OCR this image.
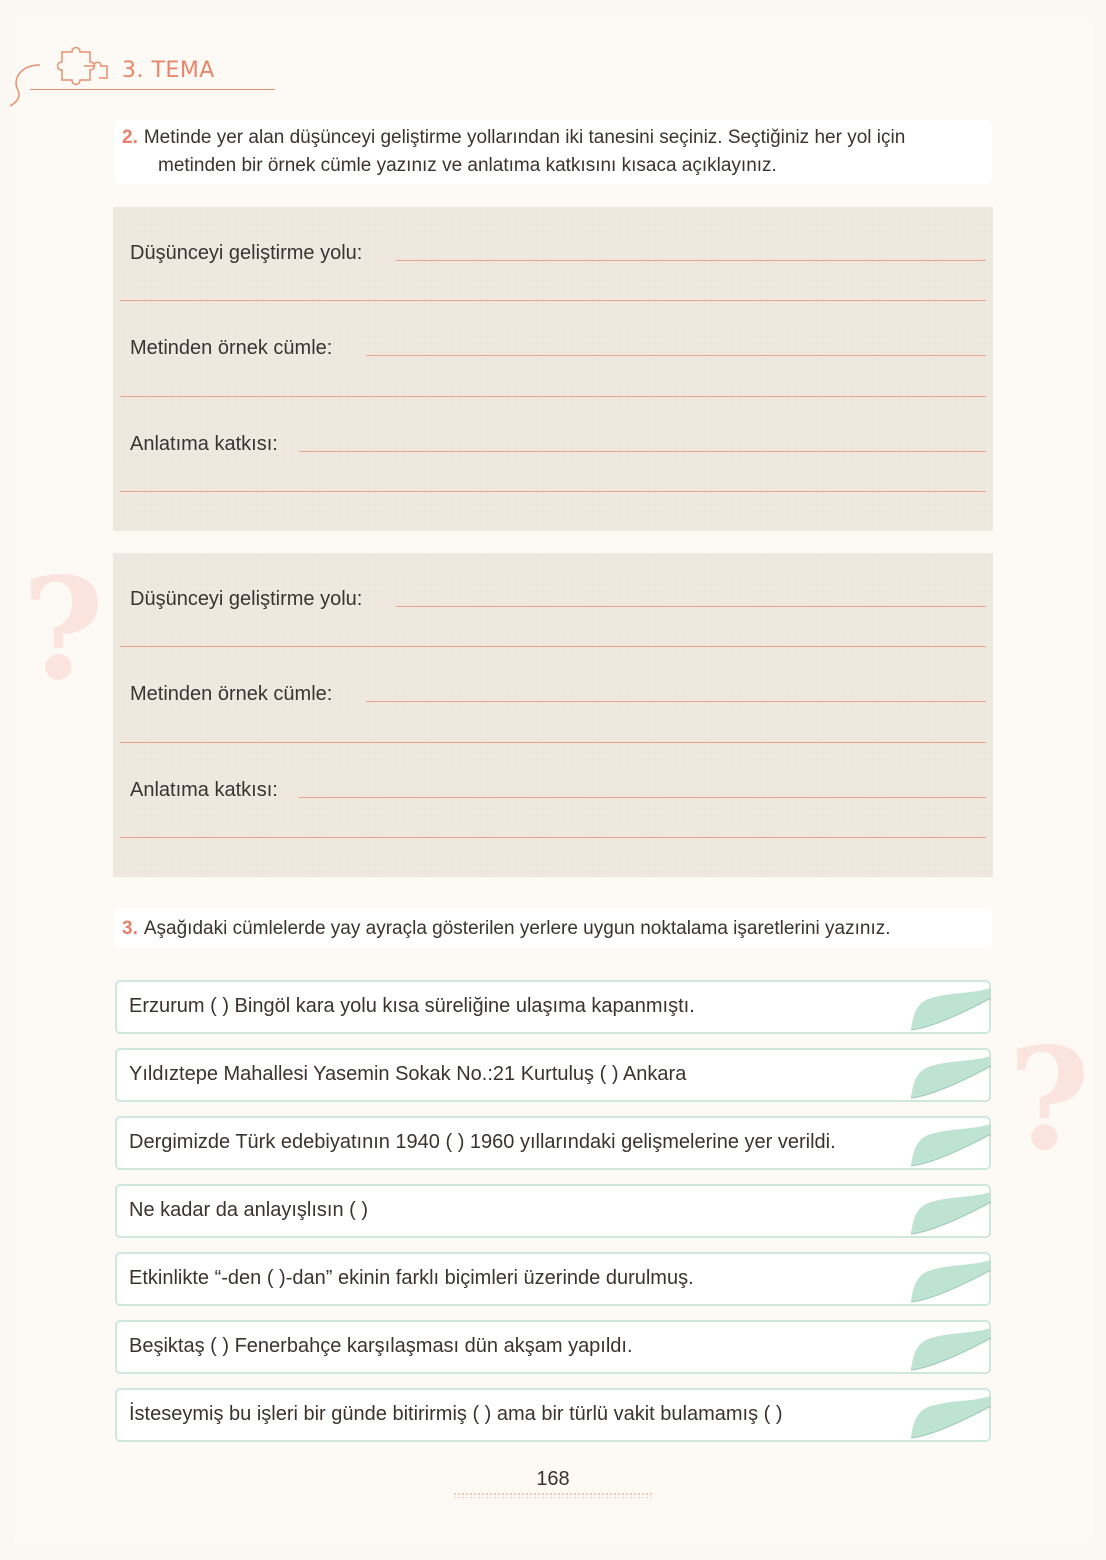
3. TEMA
?
?
2. Metinde yer alan düşünceyi geliştirme yollarından iki tanesini seçiniz. Seçtiğiniz her yol için
metinden bir örnek cümle yazınız ve anlatıma katkısını kısaca açıklayınız.
Düşünceyi geliştirme yolu:
Metinden örnek cümle:
Anlatıma katkısı:
Düşünceyi geliştirme yolu:
Metinden örnek cümle:
Anlatıma katkısı:
3. Aşağıdaki cümlelerde yay ayraçla gösterilen yerlere uygun noktalama işaretlerini yazınız.
Erzurum ( ) Bingöl kara yolu kısa süreliğine ulaşıma kapanmıştı.
Yıldıztepe Mahallesi Yasemin Sokak No.:21 Kurtuluş ( ) Ankara
Dergimizde Türk edebiyatının 1940 ( ) 1960 yıllarındaki gelişmelerine yer verildi.
Ne kadar da anlayışlısın ( )
Etkinlikte “-den ( )-dan” ekinin farklı biçimleri üzerinde durulmuş.
Beşiktaş ( ) Fenerbahçe karşılaşması dün akşam yapıldı.
İsteseymiş bu işleri bir günde bitirirmiş ( ) ama bir türlü vakit bulamamış ( )
168
